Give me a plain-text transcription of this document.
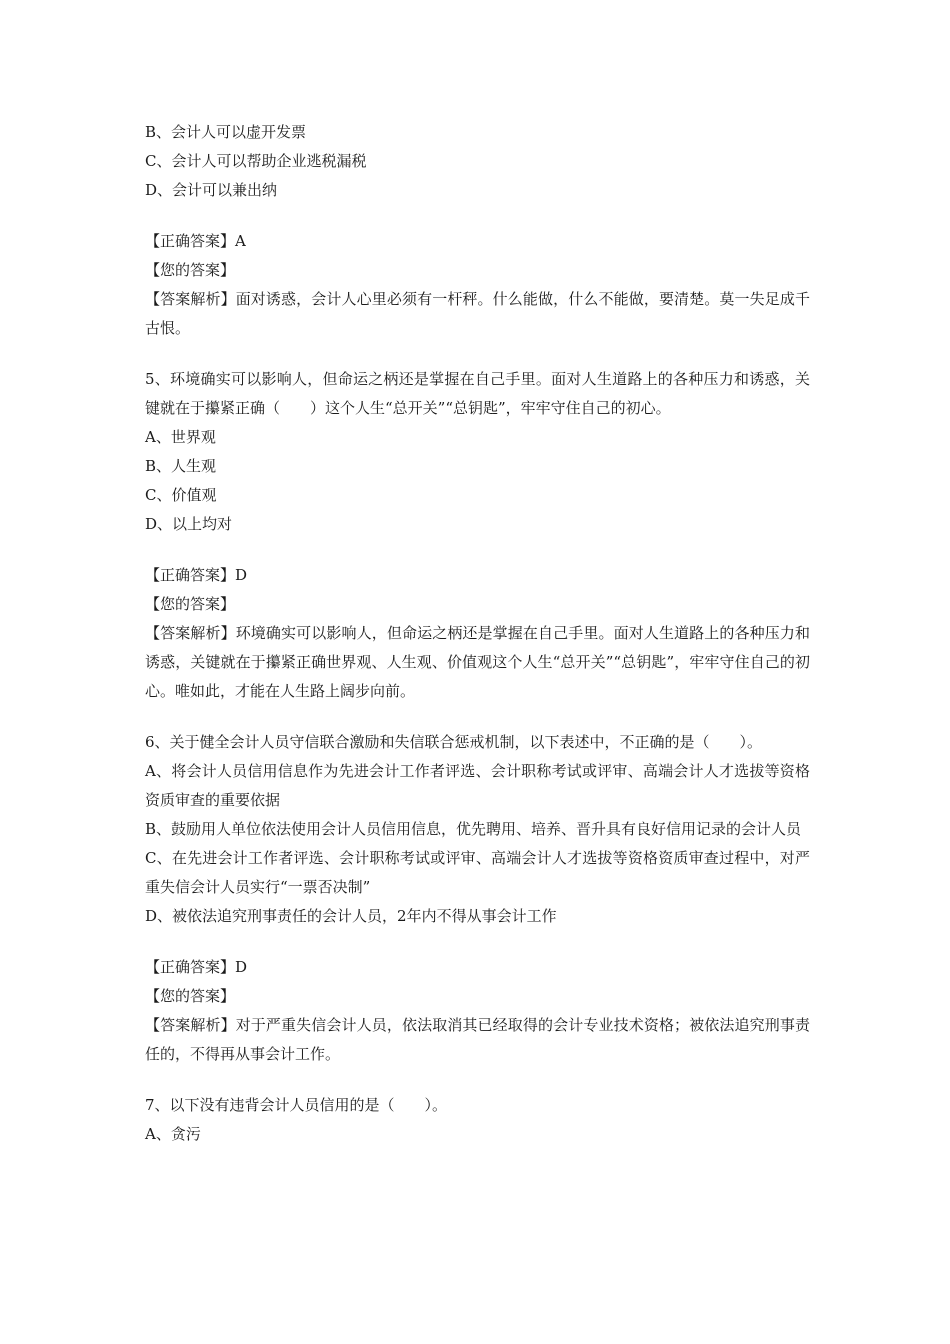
B、会计人可以虚开发票
C、会计人可以帮助企业逃税漏税
D、会计可以兼出纳
【正确答案】A
【您的答案】
【答案解析】面对诱惑，会计人心里必须有一杆秤。什么能做，什么不能做，要清楚。莫一失足成千古恨。
5、环境确实可以影响人，但命运之柄还是掌握在自己手里。面对人生道路上的各种压力和诱惑，关键就在于攥紧正确（　　）这个人生“总开关”“总钥匙”，牢牢守住自己的初心。
A、世界观
B、人生观
C、价值观
D、以上均对
【正确答案】D
【您的答案】
【答案解析】环境确实可以影响人，但命运之柄还是掌握在自己手里。面对人生道路上的各种压力和诱惑，关键就在于攥紧正确世界观、人生观、价值观这个人生“总开关”“总钥匙”，牢牢守住自己的初心。唯如此，才能在人生路上阔步向前。
6、关于健全会计人员守信联合激励和失信联合惩戒机制，以下表述中，不正确的是（　　）。
A、将会计人员信用信息作为先进会计工作者评选、会计职称考试或评审、高端会计人才选拔等资格资质审查的重要依据
B、鼓励用人单位依法使用会计人员信用信息，优先聘用、培养、晋升具有良好信用记录的会计人员
C、在先进会计工作者评选、会计职称考试或评审、高端会计人才选拔等资格资质审查过程中，对严重失信会计人员实行“一票否决制”
D、被依法追究刑事责任的会计人员，2年内不得从事会计工作
【正确答案】D
【您的答案】
【答案解析】对于严重失信会计人员，依法取消其已经取得的会计专业技术资格；被依法追究刑事责任的，不得再从事会计工作。
7、以下没有违背会计人员信用的是（　　）。
A、贪污
